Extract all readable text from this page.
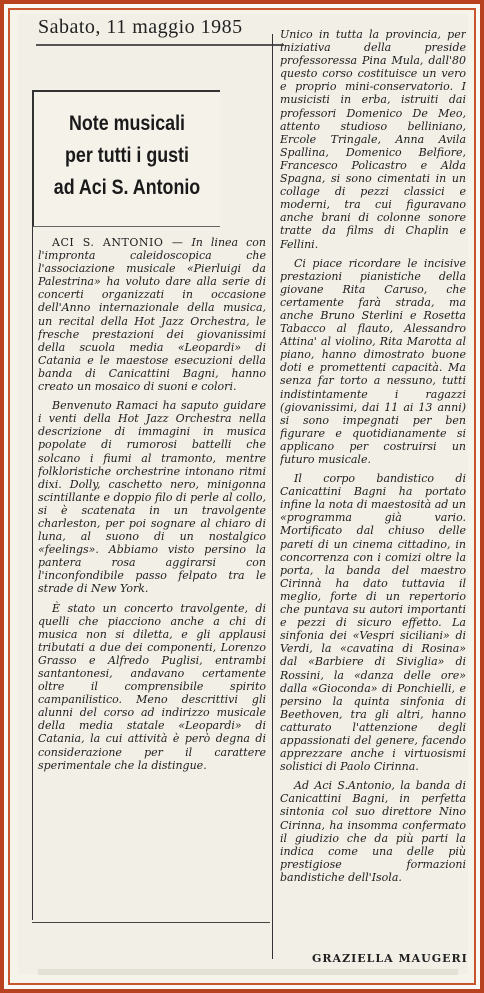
Sabato, 11 maggio 1985
Note musicali
per tutti i gusti
ad Aci S. Antonio

ACI S. ANTONIO — In linea con l'impronta caleidoscopica che l'associazione musicale «Pierluigi da Palestrina» ha voluto dare alla serie di concerti organizzati in occasione dell'Anno internazionale della musica, un recital della Hot Jazz Orchestra, le fresche prestazioni dei giovanissimi della scuola media «Leopardi» di Catania e le maestose esecuzioni della banda di Canicattini Bagni, hanno creato un mosaico di suoni e colori.

Benvenuto Ramaci ha saputo guidare i venti della Hot Jazz Orchestra nella descrizione di immagini in musica popolate di rumorosi battelli che solcano i fiumi al tramonto, mentre folkloristiche orchestrine intonano ritmi dixi. Dolly, caschetto nero, minigonna scintillante e doppio filo di perle al collo, si è scatenata in un travolgente charleston, per poi sognare al chiaro di luna, al suono di un nostalgico «feelings». Abbiamo visto persino la pantera rosa aggirarsi con l'inconfondibile passo felpato tra le strade di New York.

È stato un concerto travolgente, di quelli che piacciono anche a chi di musica non si diletta, e gli applausi tributati a due dei componenti, Lorenzo Grasso e Alfredo Puglisi, entrambi santantonesi, andavano certamente oltre il comprensibile spirito campanilistico. Meno descrittivi gli alunni del corso ad indirizzo musicale della media statale «Leopardi» di Catania, la cui attività è però degna di considerazione per il carattere sperimentale che la distingue.

Unico in tutta la provincia, per iniziativa della preside professoressa Pina Mula, dall'80 questo corso costituisce un vero e proprio mini-conservatorio. I musicisti in erba, istruiti dai professori Domenico De Meo, attento studioso belliniano, Ercole Tringale, Anna Avila Spallina, Domenico Belfiore, Francesco Policastro e Alda Spagna, si sono cimentati in un collage di pezzi classici e moderni, tra cui figuravano anche brani di colonne sonore tratte da films di Chaplin e Fellini.

Ci piace ricordare le incisive prestazioni pianistiche della giovane Rita Caruso, che certamente farà strada, ma anche Bruno Sterlini e Rosetta Tabacco al flauto, Alessandro Attina' al violino, Rita Marotta al piano, hanno dimostrato buone doti e promettenti capacità. Ma senza far torto a nessuno, tutti indistintamente i ragazzi (giovanissimi, dai 11 ai 13 anni) si sono impegnati per ben figurare e quotidianamente si applicano per costruirsi un futuro musicale.

Il corpo bandistico di Canicattini Bagni ha portato infine la nota di maestosità ad un «programma già vario. Mortificato dal chiuso delle pareti di un cinema cittadino, in concorrenza con i comizi oltre la porta, la banda del maestro Cirinnà ha dato tuttavia il meglio, forte di un repertorio che puntava su autori importanti e pezzi di sicuro effetto. La sinfonia dei «Vespri siciliani» di Verdi, la «cavatina di Rosina» dal «Barbiere di Siviglia» di Rossini, la «danza delle ore» dalla «Gioconda» di Ponchielli, e persino la quinta sinfonia di Beethoven, tra gli altri, hanno catturato l'attenzione degli appassionati del genere, facendo apprezzare anche i virtuosismi solistici di Paolo Cirinna.

Ad Aci S.Antonio, la banda di Canicattini Bagni, in perfetta sintonia col suo direttore Nino Cirinna, ha insomma confermato il giudizio che da più parti la indica come una delle più prestigiose formazioni bandistiche dell'Isola.

GRAZIELLA MAUGERI
